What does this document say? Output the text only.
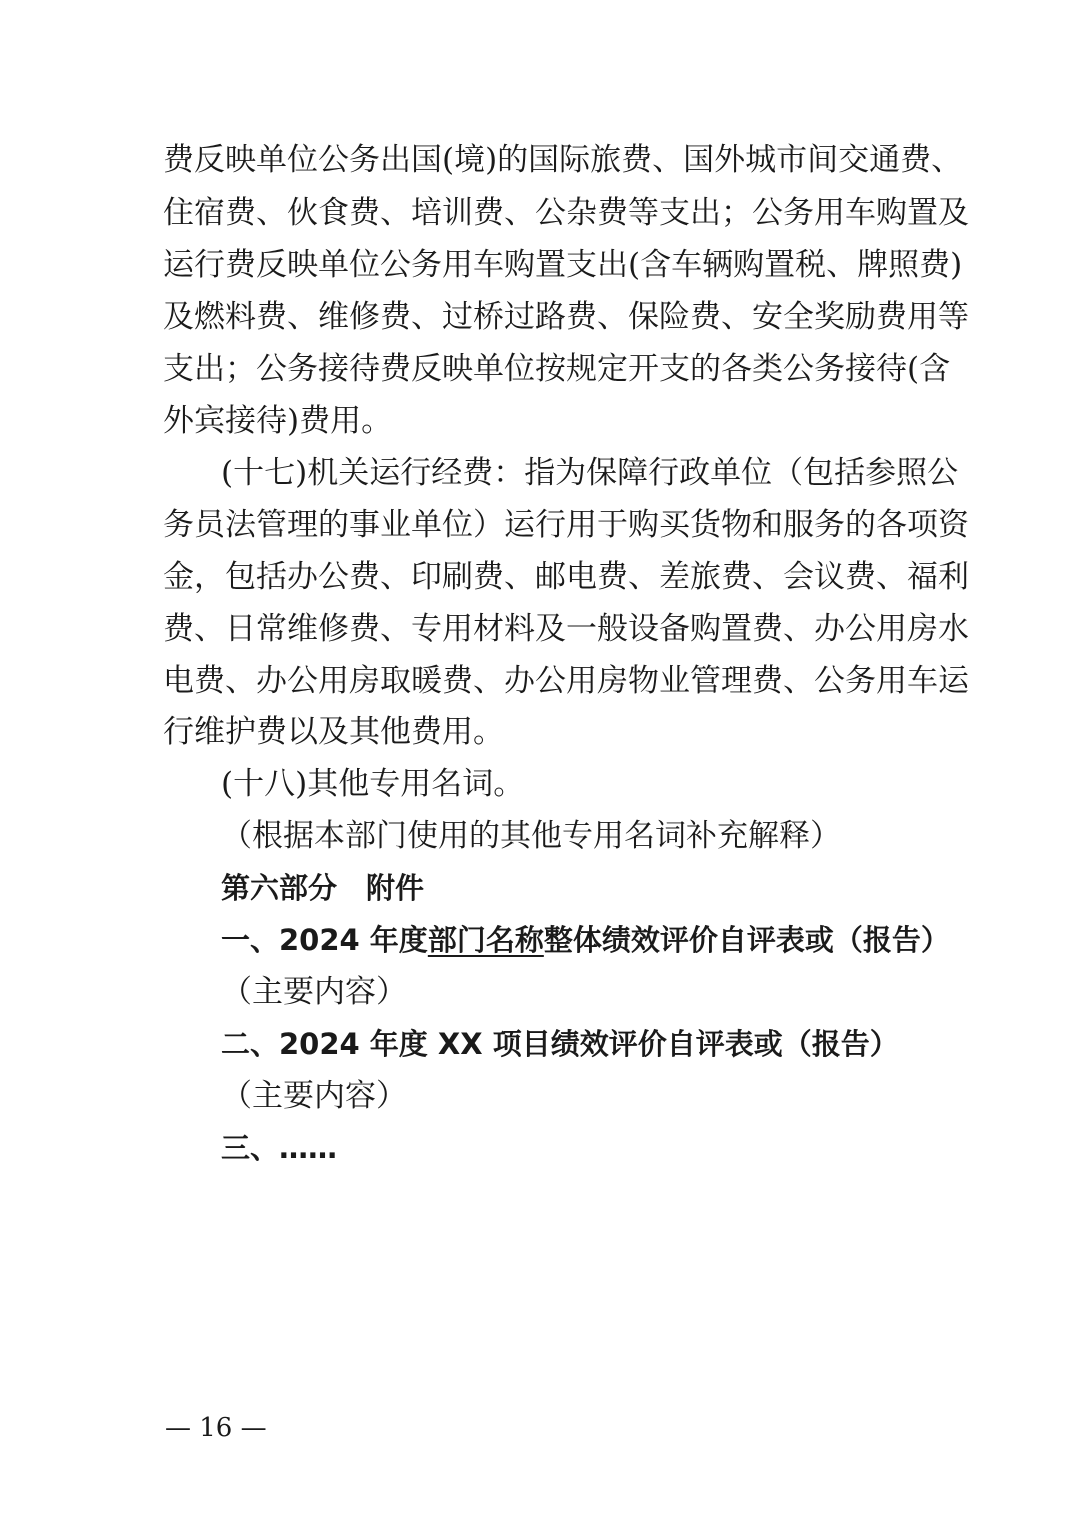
费反映单位公务出国(境)的国际旅费、国外城市间交通费、
住宿费、伙食费、培训费、公杂费等支出；公务用车购置及
运行费反映单位公务用车购置支出(含车辆购置税、牌照费)
及燃料费、维修费、过桥过路费、保险费、安全奖励费用等
支出；公务接待费反映单位按规定开支的各类公务接待(含
外宾接待)费用。
(十七)机关运行经费：指为保障行政单位（包括参照公
务员法管理的事业单位）运行用于购买货物和服务的各项资
金，包括办公费、印刷费、邮电费、差旅费、会议费、福利
费、日常维修费、专用材料及一般设备购置费、办公用房水
电费、办公用房取暖费、办公用房物业管理费、公务用车运
行维护费以及其他费用。
(十八)其他专用名词。
（根据本部门使用的其他专用名词补充解释）
第六部分　附件
一、2024 年度部门名称整体绩效评价自评表或（报告）
（主要内容）
二、2024 年度 XX 项目绩效评价自评表或（报告）
（主要内容）
三、……
— 16 —
